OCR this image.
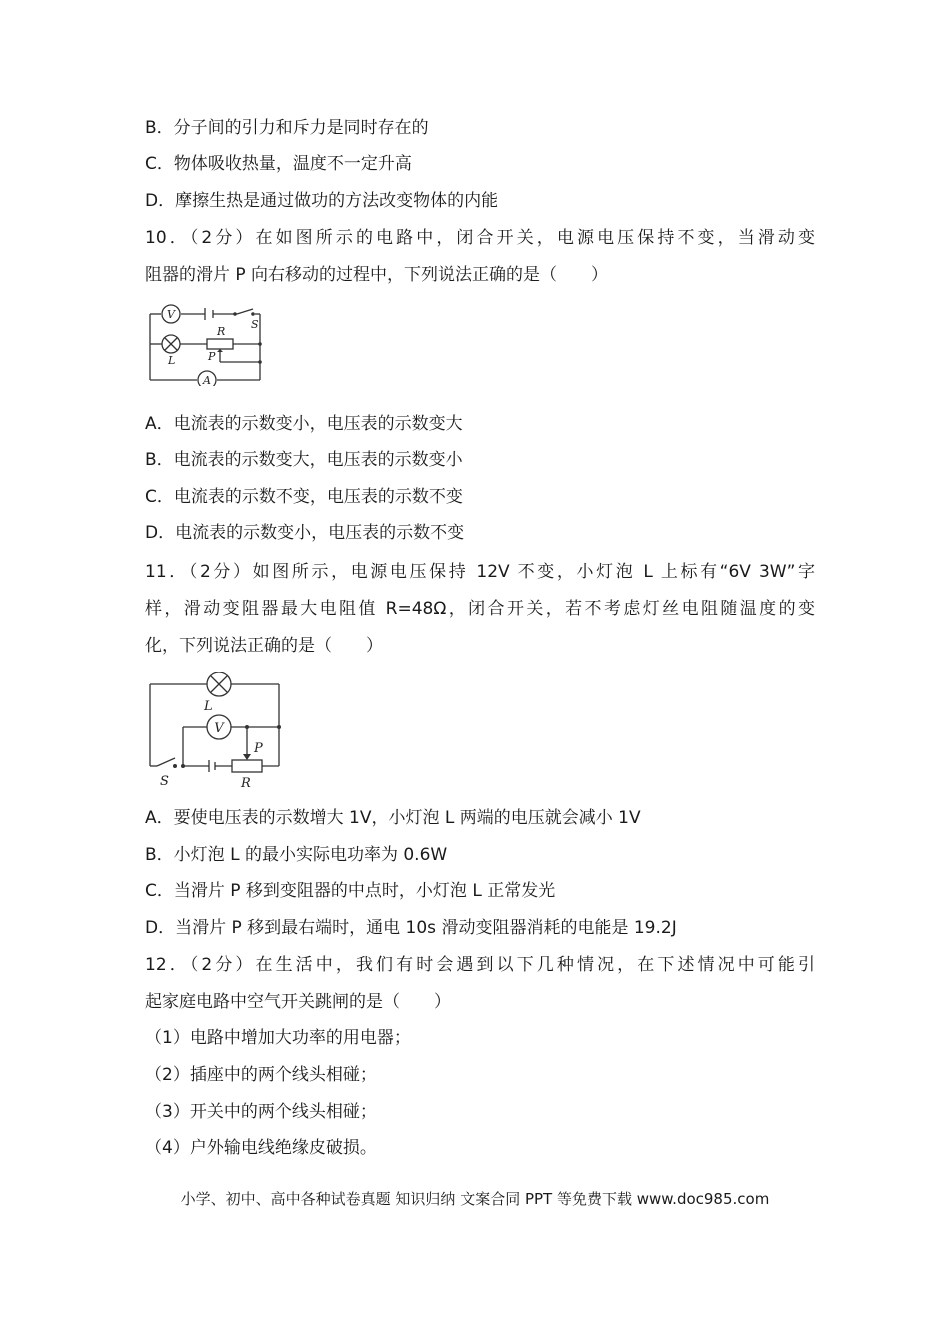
B．分子间的引力和斥力是同时存在的
C．物体吸收热量，温度不一定升高
D．摩擦生热是通过做功的方法改变物体的内能
10．（2分）在如图所示的电路中，闭合开关，电源电压保持不变，当滑动变
阻器的滑片 P 向右移动的过程中，下列说法正确的是（　　）
V
S
R
L	P
A
A．电流表的示数变小，电压表的示数变大
B．电流表的示数变大，电压表的示数变小
C．电流表的示数不变，电压表的示数不变
D．电流表的示数变小，电压表的示数不变
11．（2分）如图所示，电源电压保持 12V 不变，小灯泡 L 上标有“6V 3W”字
样，滑动变阻器最大电阻值 R=48Ω，闭合开关，若不考虑灯丝电阻随温度的变
化，下列说法正确的是（　　）
L
V
P
S	R
A．要使电压表的示数增大 1V，小灯泡 L 两端的电压就会减小 1V
B．小灯泡 L 的最小实际电功率为 0.6W
C．当滑片 P 移到变阻器的中点时，小灯泡 L 正常发光
D．当滑片 P 移到最右端时，通电 10s 滑动变阻器消耗的电能是 19.2J
12．（2分）在生活中，我们有时会遇到以下几种情况，在下述情况中可能引
起家庭电路中空气开关跳闸的是（　　）
（1）电路中增加大功率的用电器；
（2）插座中的两个线头相碰；
（3）开关中的两个线头相碰；
（4）户外输电线绝缘皮破损。
小学、初中、高中各种试卷真题 知识归纳 文案合同 PPT 等免费下载 www.doc985.com
